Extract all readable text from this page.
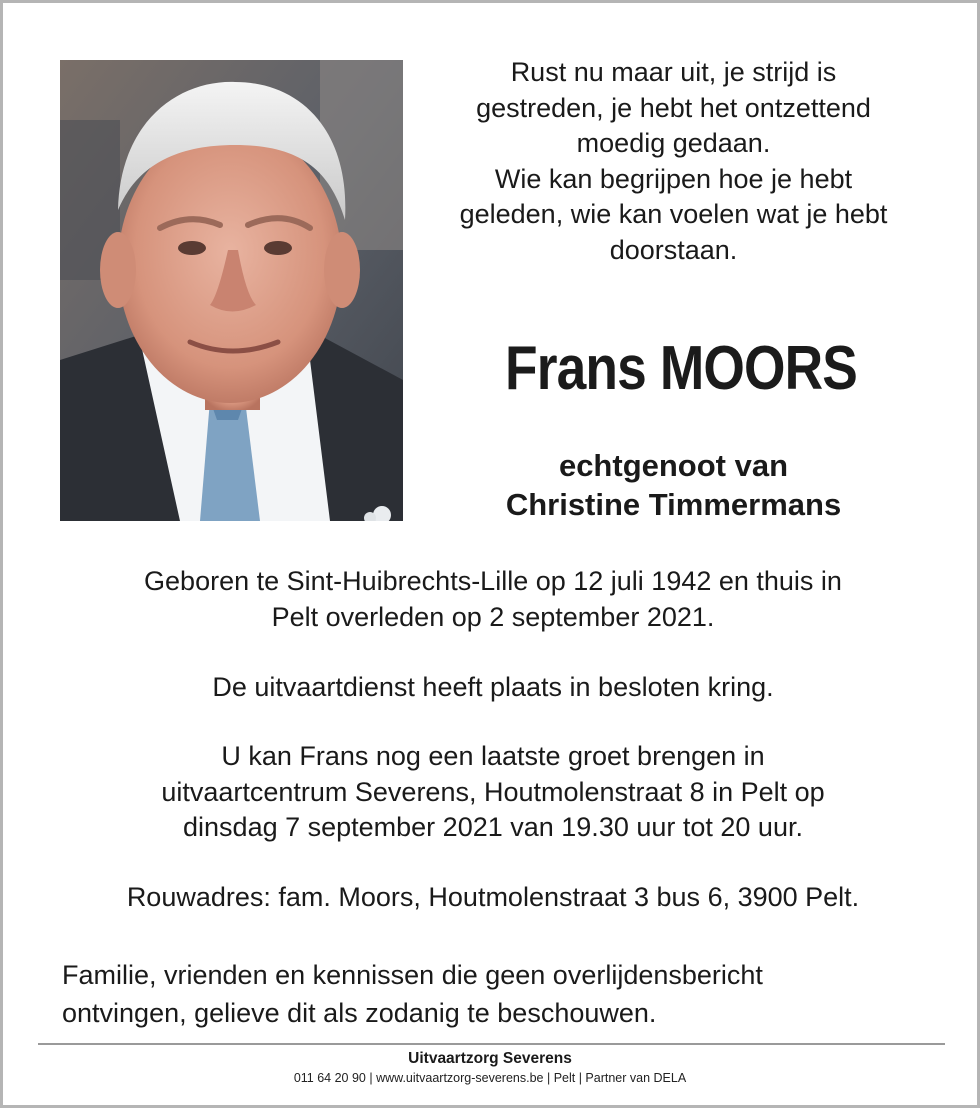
Rust nu maar uit, je strijd is
gestreden, je hebt het ontzettend
moedig gedaan.
Wie kan begrijpen hoe je hebt
geleden, wie kan voelen wat je hebt
doorstaan.

Frans MOORS

echtgenoot van
Christine Timmermans

Geboren te Sint-Huibrechts-Lille op 12 juli 1942 en thuis in
Pelt overleden op 2 september 2021.

De uitvaartdienst heeft plaats in besloten kring.

U kan Frans nog een laatste groet brengen in
uitvaartcentrum Severens, Houtmolenstraat 8 in Pelt op
dinsdag 7 september 2021 van 19.30 uur tot 20 uur.

Rouwadres: fam. Moors, Houtmolenstraat 3 bus 6, 3900 Pelt.

Familie, vrienden en kennissen die geen overlijdensbericht
ontvingen, gelieve dit als zodanig te beschouwen.

Uitvaartzorg Severens

011 64 20 90 | www.uitvaartzorg-severens.be | Pelt | Partner van DELA
